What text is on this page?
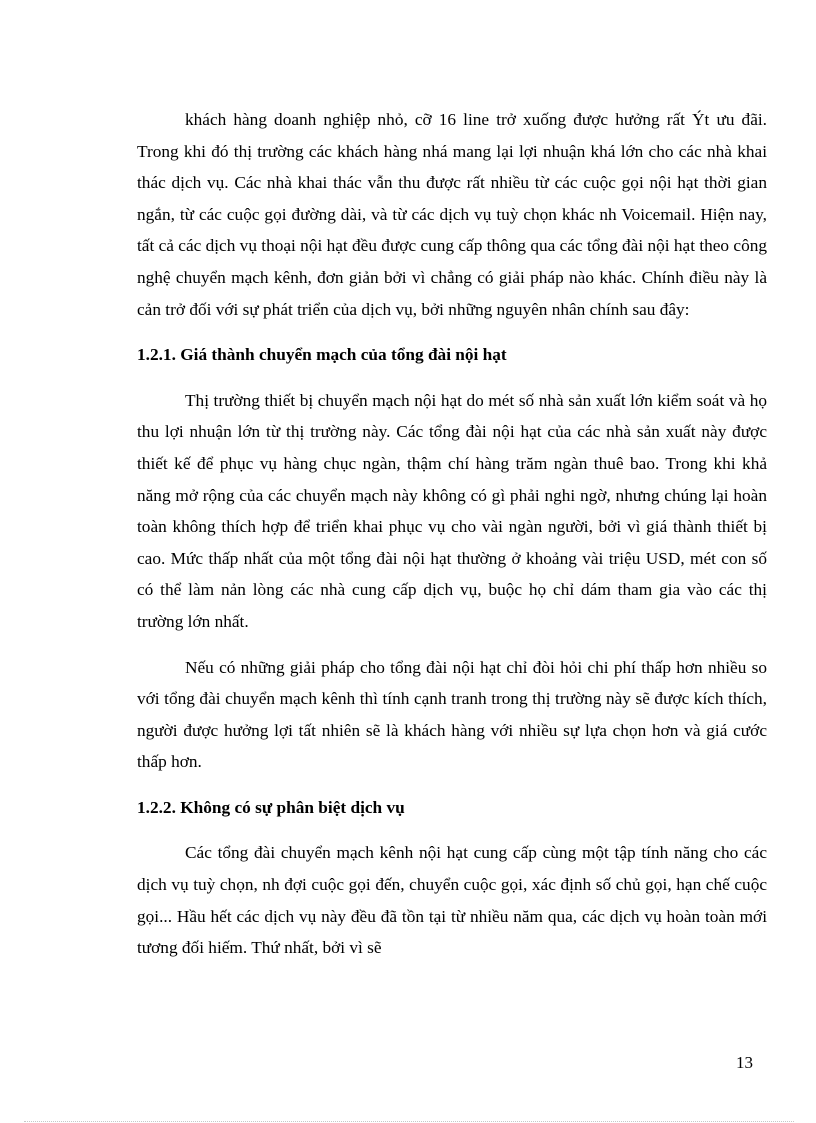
khách hàng doanh nghiệp nhỏ, cỡ 16 line trở xuống được hưởng rất Ýt ưu đãi. Trong khi đó thị trường các khách hàng nhá mang lại lợi nhuận khá lớn cho các nhà khai thác dịch vụ. Các nhà khai thác vẫn thu được rất nhiều từ các cuộc gọi nội hạt thời gian ngắn, từ các cuộc gọi đường dài, và từ các dịch vụ tuỳ chọn khác nh Voicemail. Hiện nay, tất cả các dịch vụ thoại nội hạt đều được cung cấp thông qua các tổng đài nội hạt theo công nghệ chuyển mạch kênh, đơn giản bởi vì chẳng có giải pháp nào khác. Chính điều này là cản trở đối với sự phát triển của dịch vụ, bởi những nguyên nhân chính sau đây:

1.2.1. Giá thành chuyển mạch của tổng đài nội hạt

Thị trường thiết bị chuyển mạch nội hạt do mét số nhà sản xuất lớn kiểm soát và họ thu lợi nhuận lớn từ thị trường này. Các tổng đài nội hạt của các nhà sản xuất này được thiết kế để phục vụ hàng chục ngàn, thậm chí hàng trăm ngàn thuê bao. Trong khi khả năng mở rộng của các chuyển mạch này không có gì phải nghi ngờ, nhưng chúng lại hoàn toàn không thích hợp để triển khai phục vụ cho vài ngàn người, bởi vì giá thành thiết bị cao. Mức thấp nhất của một tổng đài nội hạt thường ở khoảng vài triệu USD, mét con số có thể làm nản lòng các nhà cung cấp dịch vụ, buộc họ chỉ dám tham gia vào các thị trường lớn nhất.

Nếu có những giải pháp cho tổng đài nội hạt chỉ đòi hỏi chi phí thấp hơn nhiều so với tổng đài chuyển mạch kênh thì tính cạnh tranh trong thị trường này sẽ được kích thích, người được hưởng lợi tất nhiên sẽ là khách hàng với nhiều sự lựa chọn hơn và giá cước thấp hơn.

1.2.2. Không có sự phân biệt dịch vụ

Các tổng đài chuyển mạch kênh nội hạt cung cấp cùng một tập tính năng cho các dịch vụ tuỳ chọn, nh đợi cuộc gọi đến, chuyển cuộc gọi, xác định số chủ gọi, hạn chế cuộc gọi... Hầu hết các dịch vụ này đều đã tồn tại từ nhiều năm qua, các dịch vụ hoàn toàn mới tương đối hiếm. Thứ nhất, bởi vì sẽ

13
